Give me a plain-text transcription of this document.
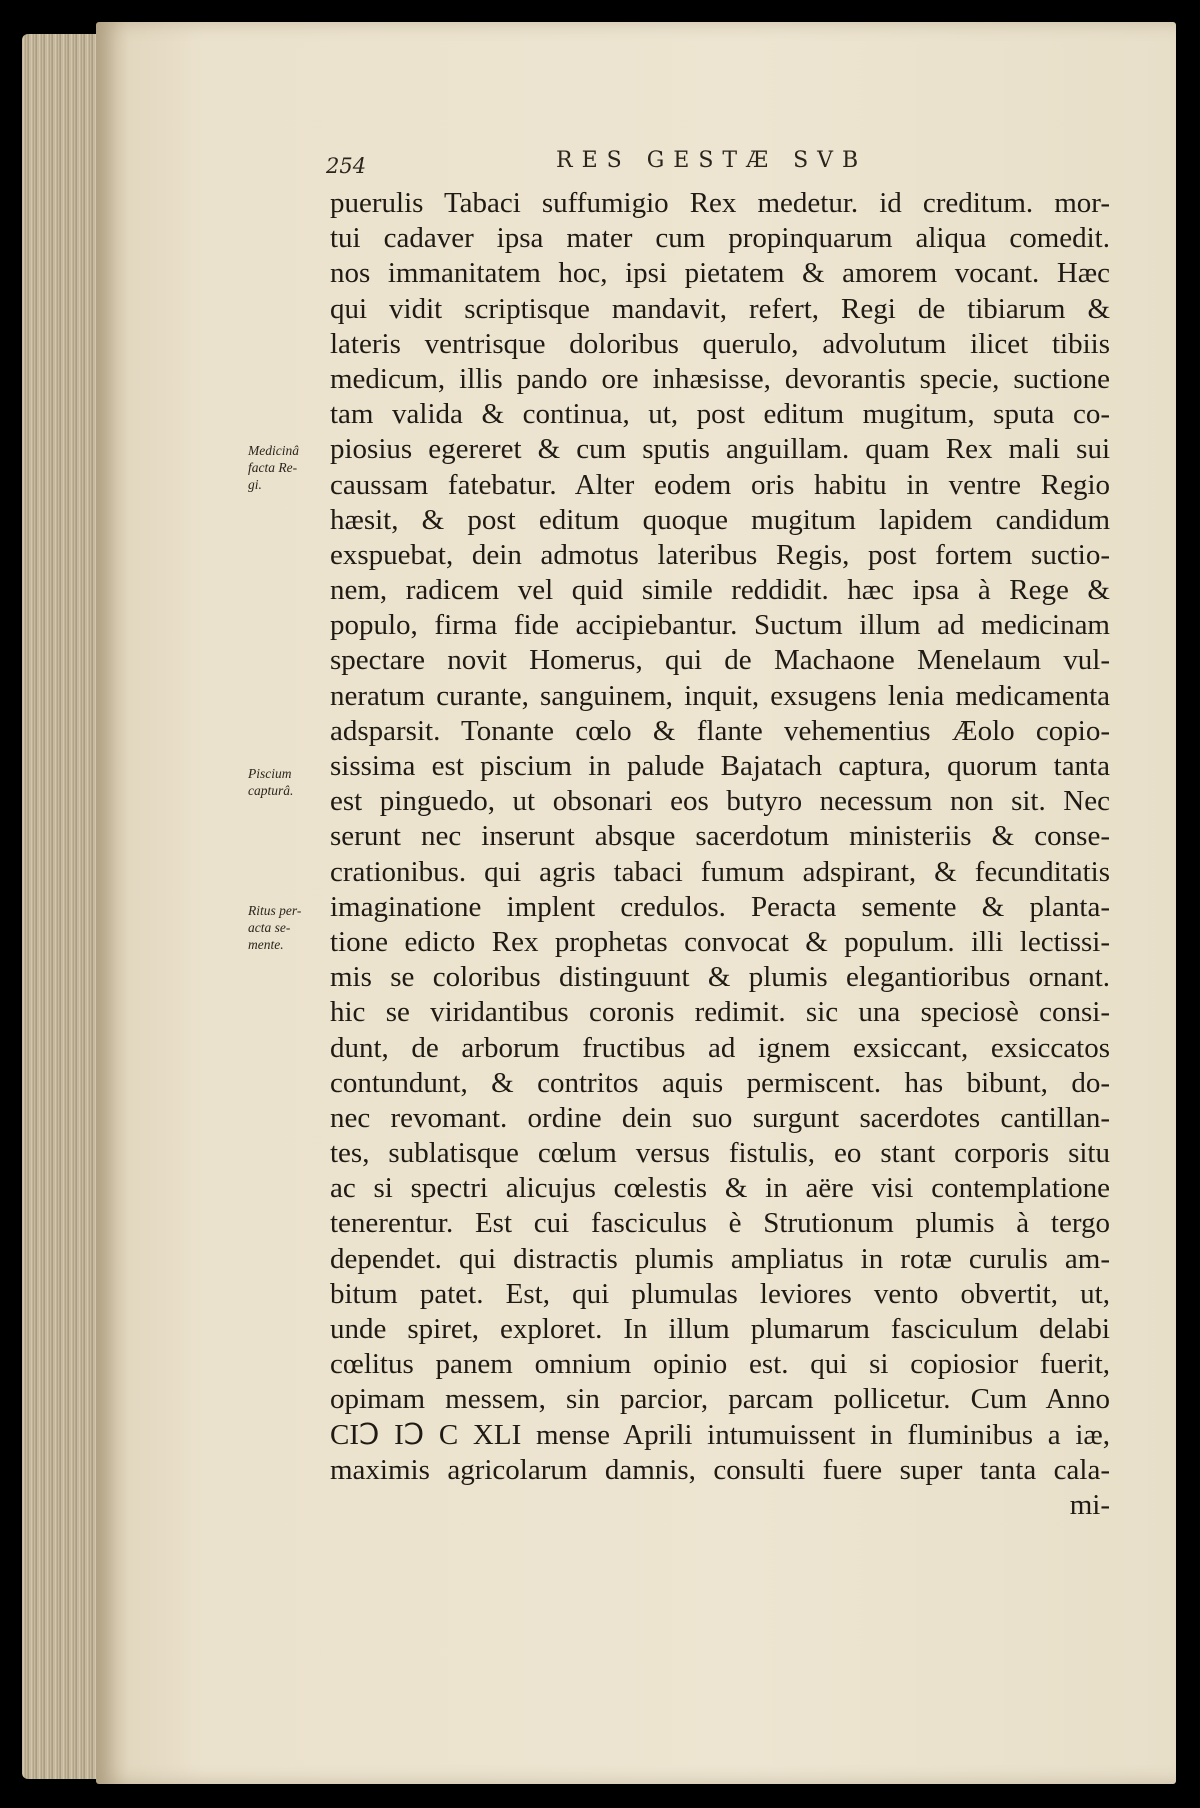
254	RES GESTÆ SVB
Medicinâ
facta Re-
gi.
Piscium
capturâ.
Ritus per-
acta se-
mente.
puerulis Tabaci suffumigio Rex medetur. id creditum. mor-
tui cadaver ipsa mater cum propinquarum aliqua comedit.
nos immanitatem hoc, ipsi pietatem & amorem vocant. Hæc
qui vidit scriptisque mandavit, refert, Regi de tibiarum &
lateris ventrisque doloribus querulo, advolutum ilicet tibiis
medicum, illis pando ore inhæsisse, devorantis specie, suctione
tam valida & continua, ut, post editum mugitum, sputa co-
piosius egereret & cum sputis anguillam. quam Rex mali sui
caussam fatebatur. Alter eodem oris habitu in ventre Regio
hæsit, & post editum quoque mugitum lapidem candidum
exspuebat, dein admotus lateribus Regis, post fortem suctio-
nem, radicem vel quid simile reddidit. hæc ipsa à Rege &
populo, firma fide accipiebantur. Suctum illum ad medicinam
spectare novit Homerus, qui de Machaone Menelaum vul-
neratum curante, sanguinem, inquit, exsugens lenia medicamenta
adsparsit. Tonante cœlo & flante vehementius Æolo copio-
sissima est piscium in palude Bajatach captura, quorum tanta
est pinguedo, ut obsonari eos butyro necessum non sit. Nec
serunt nec inserunt absque sacerdotum ministeriis & conse-
crationibus. qui agris tabaci fumum adspirant, & fecunditatis
imaginatione implent credulos. Peracta semente & planta-
tione edicto Rex prophetas convocat & populum. illi lectissi-
mis se coloribus distinguunt & plumis elegantioribus ornant.
hic se viridantibus coronis redimit. sic una speciosè consi-
dunt, de arborum fructibus ad ignem exsiccant, exsiccatos
contundunt, & contritos aquis permiscent. has bibunt, do-
nec revomant. ordine dein suo surgunt sacerdotes cantillan-
tes, sublatisque cœlum versus fistulis, eo stant corporis situ
ac si spectri alicujus cœlestis & in aëre visi contemplatione
tenerentur. Est cui fasciculus è Strutionum plumis à tergo
dependet. qui distractis plumis ampliatus in rotæ curulis am-
bitum patet. Est, qui plumulas leviores vento obvertit, ut,
unde spiret, exploret. In illum plumarum fasciculum delabi
cœlitus panem omnium opinio est. qui si copiosior fuerit,
opimam messem, sin parcior, parcam pollicetur. Cum Anno
CIↃ IↃ C XLI mense Aprili intumuissent in fluminibus a iæ,
maximis agricolarum damnis, consulti fuere super tanta cala-
mi-
